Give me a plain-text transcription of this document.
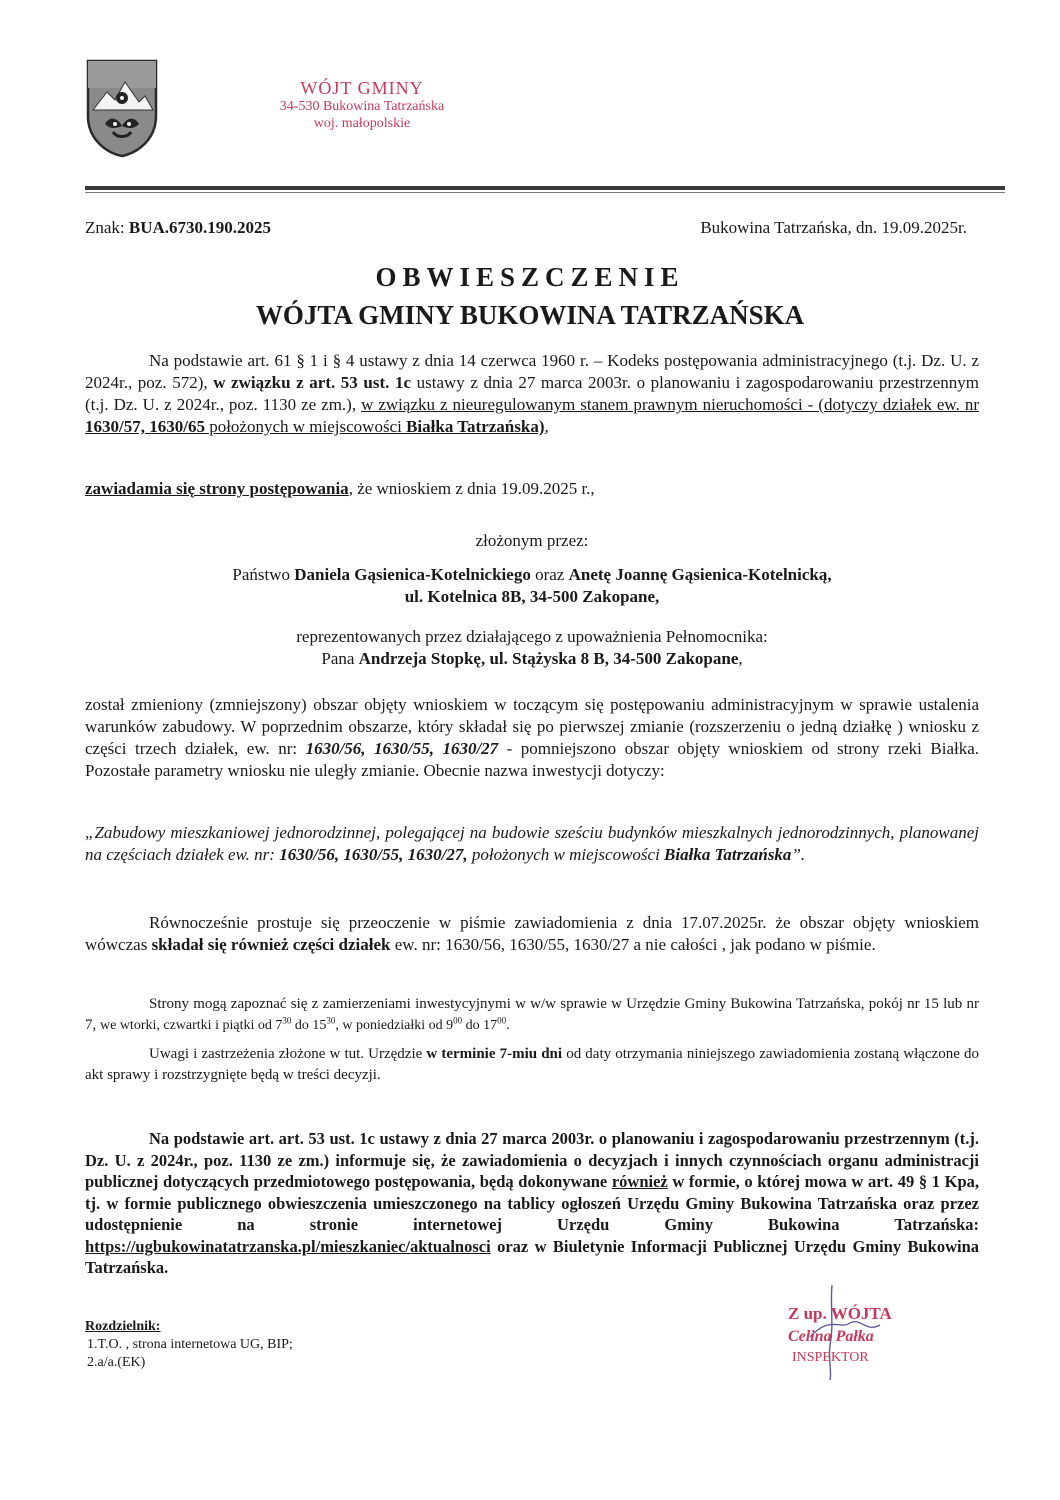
WÓJT GMINY
34-530 Bukowina Tatrzańska
woj. małopolskie
Znak: BUA.6730.190.2025	Bukowina Tatrzańska, dn. 19.09.2025r.
OBWIESZCZENIE
WÓJTA GMINY BUKOWINA TATRZAŃSKA
Na podstawie art. 61 § 1 i § 4 ustawy z dnia 14 czerwca 1960 r. – Kodeks postępowania administracyjnego (t.j. Dz. U. z 2024r., poz. 572), w związku z art. 53 ust. 1c ustawy z dnia 27 marca 2003r. o planowaniu i zagospodarowaniu przestrzennym (t.j. Dz. U. z 2024r., poz. 1130 ze zm.), w związku z nieuregulowanym stanem prawnym nieruchomości - (dotyczy działek ew. nr 1630/57, 1630/65 położonych w miejscowości Białka Tatrzańska),
zawiadamia się strony postępowania, że wnioskiem z dnia 19.09.2025 r.,
złożonym przez:
Państwo Daniela Gąsienica-Kotelnickiego oraz Anetę Joannę Gąsienica-Kotelnicką,
ul. Kotelnica 8B, 34-500 Zakopane,
reprezentowanych przez działającego z upoważnienia Pełnomocnika:
Pana Andrzeja Stopkę, ul. Stążyska 8 B, 34-500 Zakopane,
został zmieniony (zmniejszony) obszar objęty wnioskiem w toczącym się postępowaniu administracyjnym w sprawie ustalenia warunków zabudowy. W poprzednim obszarze, który składał się po pierwszej zmianie (rozszerzeniu o jedną działkę ) wniosku z części trzech działek, ew. nr: 1630/56, 1630/55, 1630/27 - pomniejszono obszar objęty wnioskiem od strony rzeki Białka. Pozostałe parametry wniosku nie uległy zmianie. Obecnie nazwa inwestycji dotyczy:
„Zabudowy mieszkaniowej jednorodzinnej, polegającej na budowie sześciu budynków mieszkalnych jednorodzinnych, planowanej na częściach działek ew. nr: 1630/56, 1630/55, 1630/27, położonych w miejscowości Białka Tatrzańska”.
Równocześnie prostuje się przeoczenie w piśmie zawiadomienia z dnia 17.07.2025r. że obszar objęty wnioskiem wówczas składał się również części działek ew. nr: 1630/56, 1630/55, 1630/27 a nie całości , jak podano w piśmie.
Strony mogą zapoznać się z zamierzeniami inwestycyjnymi w w/w sprawie w Urzędzie Gminy Bukowina Tatrzańska, pokój nr 15 lub nr 7, we wtorki, czwartki i piątki od $7^{30}$ do $15^{30}$, w poniedziałki od $9^{00}$ do $17^{00}$.
Uwagi i zastrzeżenia złożone w tut. Urzędzie w terminie 7-miu dni od daty otrzymania niniejszego zawiadomienia zostaną włączone do akt sprawy i rozstrzygnięte będą w treści decyzji.
Na podstawie art. art. 53 ust. 1c ustawy z dnia 27 marca 2003r. o planowaniu i zagospodarowaniu przestrzennym (t.j. Dz. U. z 2024r., poz. 1130 ze zm.) informuje się, że zawiadomienia o decyzjach i innych czynnościach organu administracji publicznej dotyczących przedmiotowego postępowania, będą dokonywane również w formie, o której mowa w art. 49 § 1 Kpa, tj. w formie publicznego obwieszczenia umieszczonego na tablicy ogłoszeń Urzędu Gminy Bukowina Tatrzańska oraz przez udostępnienie na stronie internetowej Urzędu Gminy Bukowina Tatrzańska: https://ugbukowinatatrzanska.pl/mieszkaniec/aktualnosci oraz w Biuletynie Informacji Publicznej Urzędu Gminy Bukowina Tatrzańska.
Z up. WÓJTA
Celina Pałka
INSPEKTOR
Rozdzielnik:
1.T.O. , strona internetowa UG, BIP;
2.a/a.(EK)
